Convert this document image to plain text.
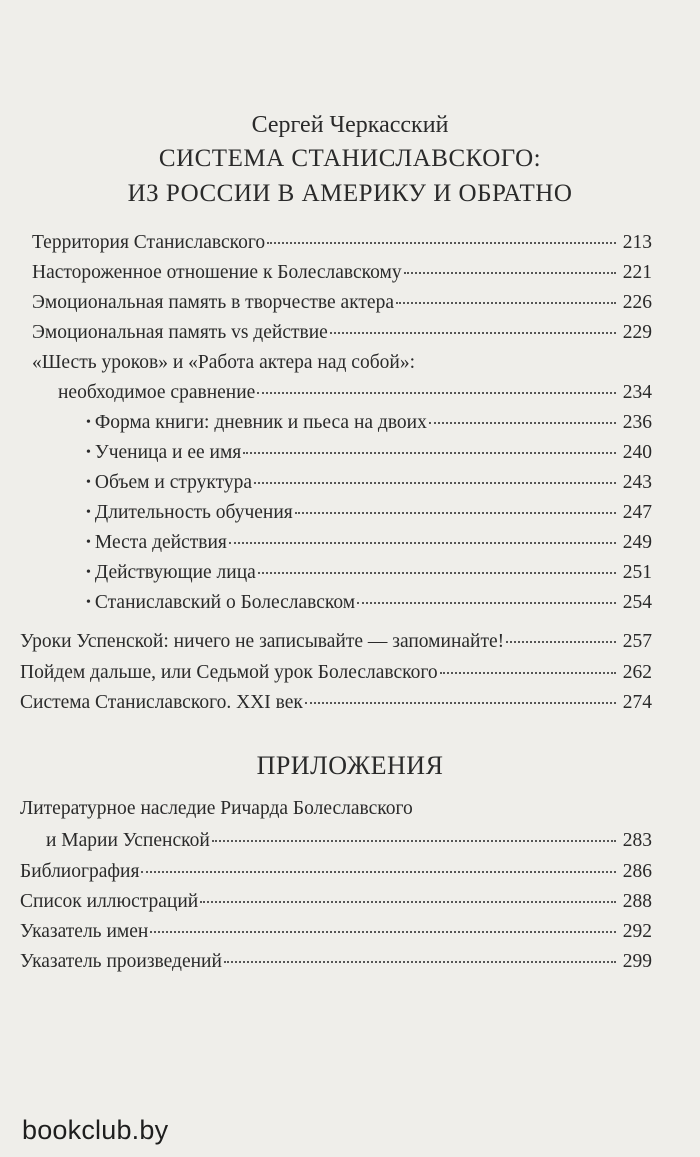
Сергей Черкасский
СИСТЕМА СТАНИСЛАВСКОГО:
ИЗ РОССИИ В АМЕРИКУ И ОБРАТНО
Территория Станиславского	213
Настороженное отношение к Болеславскому	221
Эмоциональная память в творчестве актера	226
Эмоциональная память vs действие	229
«Шесть уроков» и «Работа актера над собой»:
необходимое сравнение	234
• Форма книги: дневник и пьеса на двоих	236
• Ученица и ее имя	240
• Объем и структура	243
• Длительность обучения	247
• Места действия	249
• Действующие лица	251
• Станиславский о Болеславском	254
Уроки Успенской: ничего не записывайте — запоминайте!	257
Пойдем дальше, или Седьмой урок Болеславского	262
Система Станиславского. XXI век	274
ПРИЛОЖЕНИЯ
Литературное наследие Ричарда Болеславского
и Марии Успенской	283
Библиография	286
Список иллюстраций	288
Указатель имен	292
Указатель произведений	299
bookclub.by
